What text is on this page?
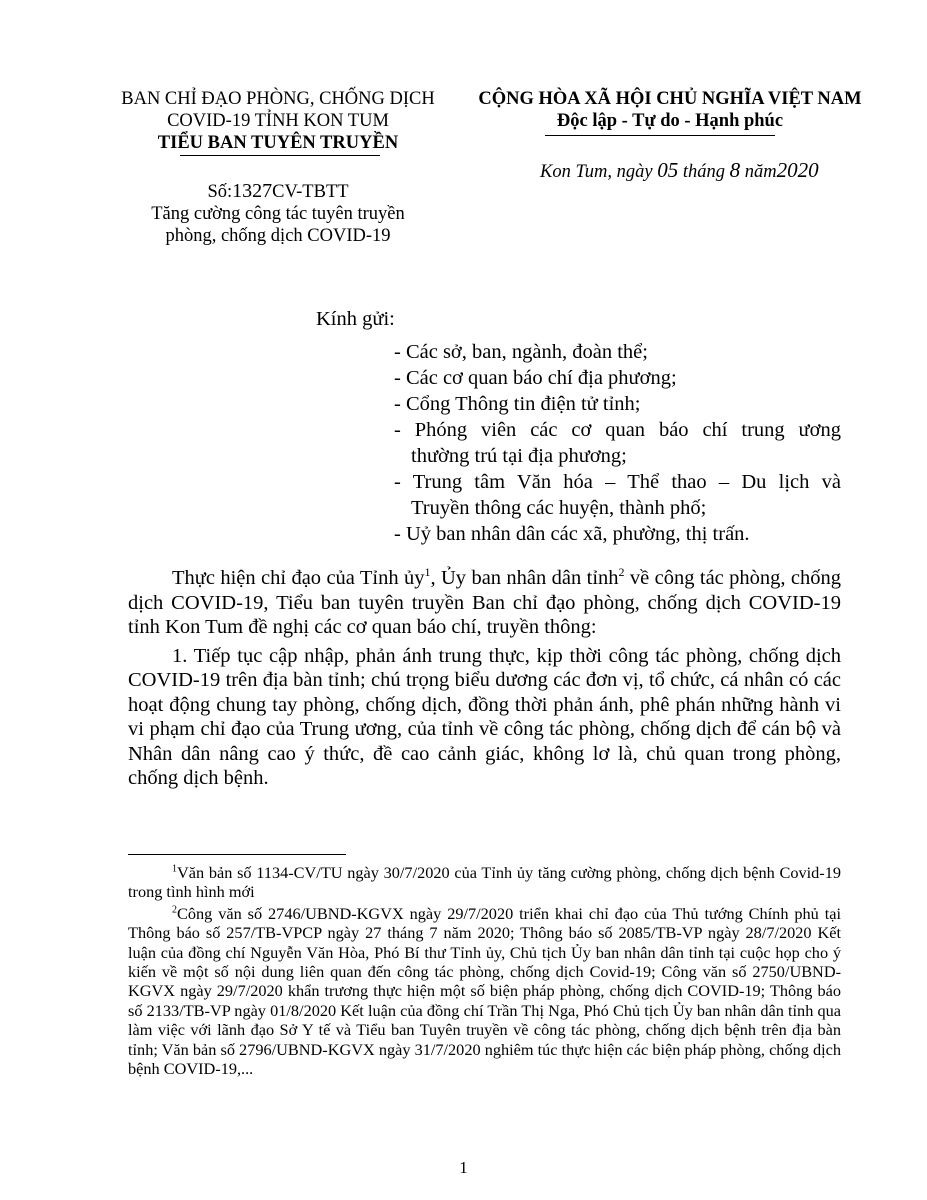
BAN CHỈ ĐẠO PHÒNG, CHỐNG DỊCH
COVID-19 TỈNH KON TUM
TIỂU BAN TUYÊN TRUYỀN
CỘNG HÒA XÃ HỘI CHỦ NGHĨA VIỆT NAM
Độc lập - Tự do - Hạnh phúc
Kon Tum, ngày 05 tháng 8 năm2020
Số:1327CV-TBTT
Tăng cường công tác tuyên truyền
phòng, chống dịch COVID-19
Kính gửi:
- Các sở, ban, ngành, đoàn thể;
- Các cơ quan báo chí địa phương;
- Cổng Thông tin điện tử tỉnh;
- Phóng viên các cơ quan báo chí trung ương
thường trú tại địa phương;
- Trung tâm Văn hóa – Thể thao – Du lịch và
Truyền thông các huyện, thành phố;
- Uỷ ban nhân dân các xã, phường, thị trấn.

Thực hiện chỉ đạo của Tỉnh ủy$^1$, Ủy ban nhân dân tỉnh$^2$ về công tác phòng, chống dịch COVID-19, Tiểu ban tuyên truyền Ban chỉ đạo phòng, chống dịch COVID-19 tỉnh Kon Tum đề nghị các cơ quan báo chí, truyền thông:

1. Tiếp tục cập nhập, phản ánh trung thực, kịp thời công tác phòng, chống dịch COVID-19 trên địa bàn tỉnh; chú trọng biểu dương các đơn vị, tổ chức, cá nhân có các hoạt động chung tay phòng, chống dịch, đồng thời phản ánh, phê phán những hành vi vi phạm chỉ đạo của Trung ương, của tỉnh về công tác phòng, chống dịch để cán bộ và Nhân dân nâng cao ý thức, đề cao cảnh giác, không lơ là, chủ quan trong phòng, chống dịch bệnh.

$^1$Văn bản số 1134-CV/TU ngày 30/7/2020 của Tỉnh ủy tăng cường phòng, chống dịch bệnh Covid-19 trong tình hình mới

$^2$Công văn số 2746/UBND-KGVX ngày 29/7/2020 triển khai chỉ đạo của Thủ tướng Chính phủ tại Thông báo số 257/TB-VPCP ngày 27 tháng 7 năm 2020; Thông báo số 2085/TB-VP ngày 28/7/2020 Kết luận của đồng chí Nguyễn Văn Hòa, Phó Bí thư Tỉnh ủy, Chủ tịch Ủy ban nhân dân tỉnh tại cuộc họp cho ý kiến về một số nội dung liên quan đến công tác phòng, chống dịch Covid-19; Công văn số 2750/UBND-KGVX ngày 29/7/2020 khẩn trương thực hiện một số biện pháp phòng, chống dịch COVID-19; Thông báo số 2133/TB-VP ngày 01/8/2020 Kết luận của đồng chí Trần Thị Nga, Phó Chủ tịch Ủy ban nhân dân tỉnh qua làm việc với lãnh đạo Sở Y tế và Tiểu ban Tuyên truyền về công tác phòng, chống dịch bệnh trên địa bàn tỉnh; Văn bản số 2796/UBND-KGVX ngày 31/7/2020 nghiêm túc thực hiện các biện pháp phòng, chống dịch bệnh COVID-19,...

1
